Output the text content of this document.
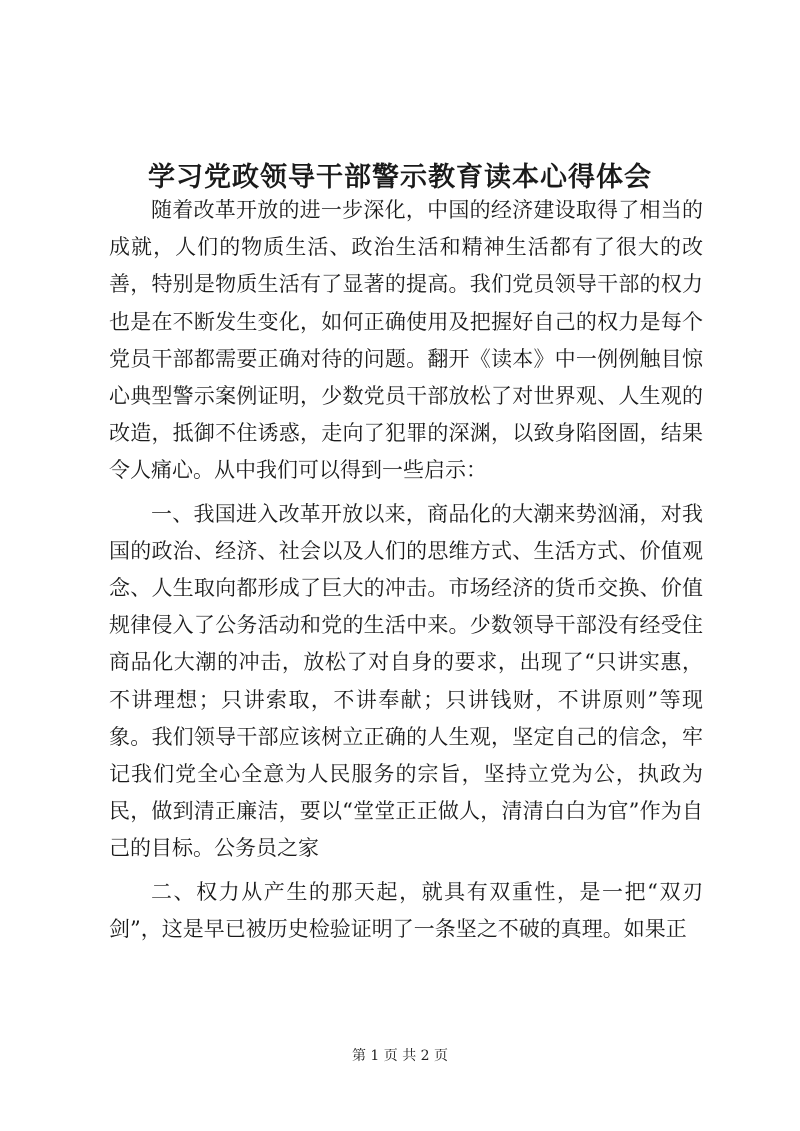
学习党政领导干部警示教育读本心得体会

随着改革开放的进一步深化，中国的经济建设取得了相当的成就，人们的物质生活、政治生活和精神生活都有了很大的改善，特别是物质生活有了显著的提高。我们党员领导干部的权力也是在不断发生变化，如何正确使用及把握好自己的权力是每个党员干部都需要正确对待的问题。翻开《读本》中一例例触目惊心典型警示案例证明，少数党员干部放松了对世界观、人生观的改造，抵御不住诱惑，走向了犯罪的深渊，以致身陷囹圄，结果令人痛心。从中我们可以得到一些启示：

一、我国进入改革开放以来，商品化的大潮来势汹涌，对我国的政治、经济、社会以及人们的思维方式、生活方式、价值观念、人生取向都形成了巨大的冲击。市场经济的货币交换、价值规律侵入了公务活动和党的生活中来。少数领导干部没有经受住商品化大潮的冲击，放松了对自身的要求，出现了“只讲实惠，不讲理想；只讲索取，不讲奉献；只讲钱财，不讲原则”等现象。我们领导干部应该树立正确的人生观，坚定自己的信念，牢记我们党全心全意为人民服务的宗旨，坚持立党为公，执政为民，做到清正廉洁，要以“堂堂正正做人，清清白白为官”作为自己的目标。公务员之家

二、权力从产生的那天起，就具有双重性，是一把“双刃剑”，这是早已被历史检验证明了一条坚之不破的真理。如果正

第 1 页 共 2 页
